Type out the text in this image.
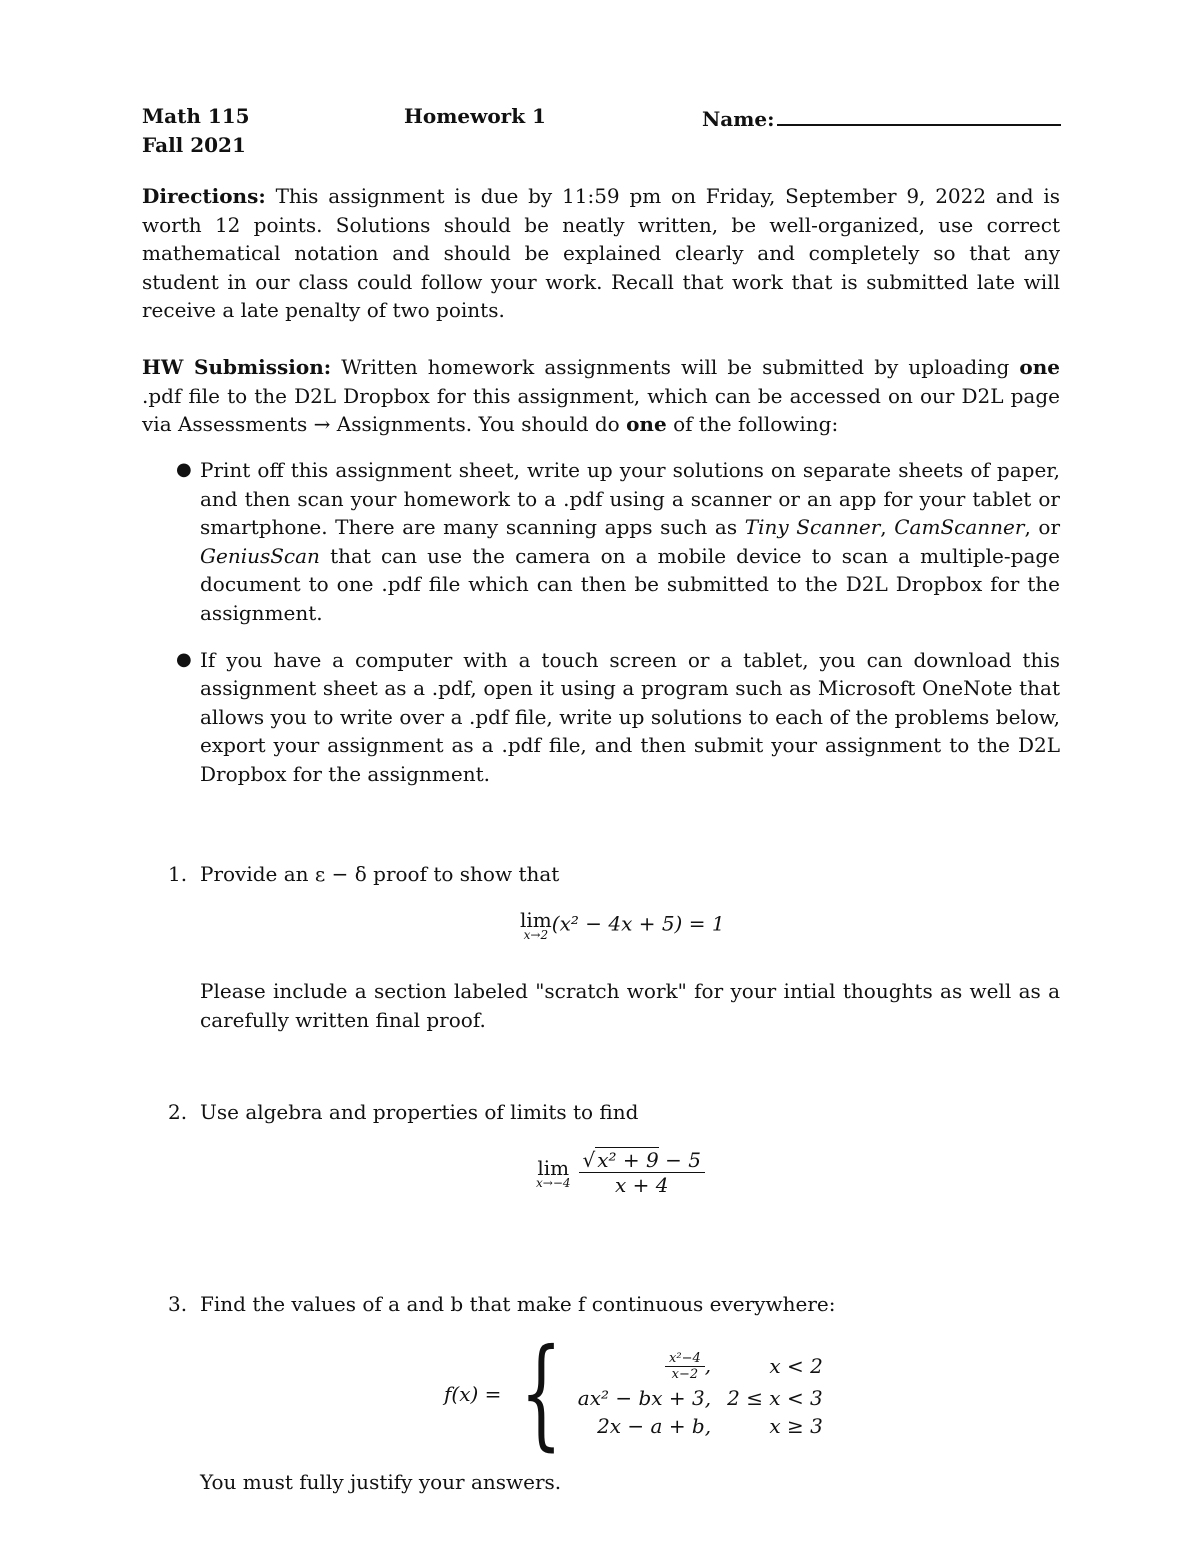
Math 115
Fall 2021
Homework 1	Name:
Directions: This assignment is due by 11:59 pm on Friday, September 9, 2022 and is worth 12 points. Solutions should be neatly written, be well-organized, use correct mathematical notation and should be explained clearly and completely so that any student in our class could follow your work. Recall that work that is submitted late will receive a late penalty of two points.
HW Submission: Written homework assignments will be submitted by uploading one .pdf file to the D2L Dropbox for this assignment, which can be accessed on our D2L page via Assessments → Assignments. You should do one of the following:
● Print off this assignment sheet, write up your solutions on separate sheets of paper, and then scan your homework to a .pdf using a scanner or an app for your tablet or smartphone. There are many scanning apps such as Tiny Scanner, CamScanner, or GeniusScan that can use the camera on a mobile device to scan a multiple-page document to one .pdf file which can then be submitted to the D2L Dropbox for the assignment.
● If you have a computer with a touch screen or a tablet, you can download this assignment sheet as a .pdf, open it using a program such as Microsoft OneNote that allows you to write over a .pdf file, write up solutions to each of the problems below, export your assignment as a .pdf file, and then submit your assignment to the D2L Dropbox for the assignment.
1. Provide an ε − δ proof to show that
lim
x→2 (x² − 4x + 5) = 1
Please include a section labeled "scratch work" for your intial thoughts as well as a carefully written final proof.
2. Use algebra and properties of limits to find
lim
$x\to-4 \frac{\text{√ x² + 9 − 5}}{x + 4}$
3. Find the values of a and b that make f continuous everywhere:
f(x) = {	$\frac{\text{x²−4}}{x-2}$ ,	x < 2
ax² − bx + 3,	2 ≤ x < 3
2x − a + b,	x ≥ 3
You must fully justify your answers.
